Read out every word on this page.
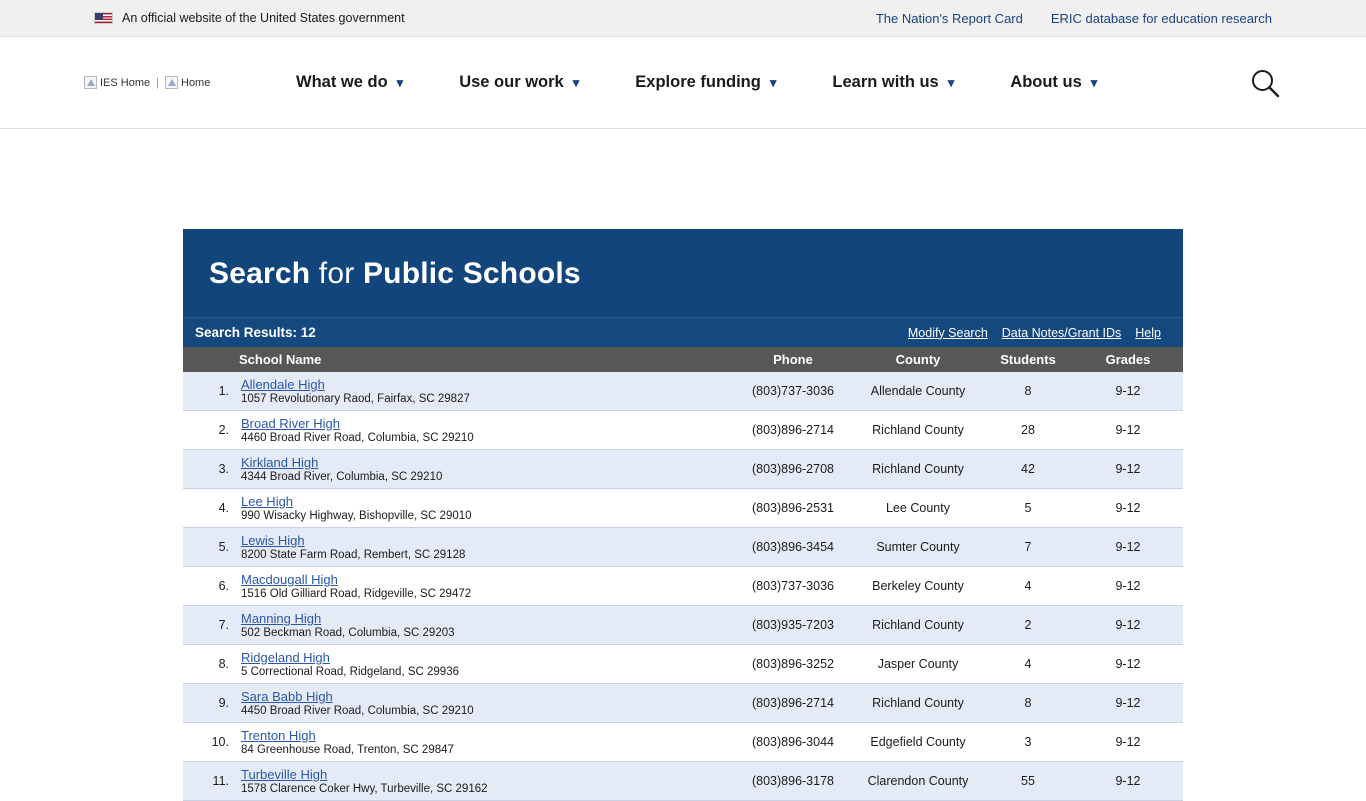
An official website of the United States government	The Nation's Report Card ERIC database for education research
IES Home | Home	What we do ▾	Use our work ▾	Explore funding ▾	Learn with us ▾	About us ▾
Search for Public Schools
Search Results: 12	Modify Search Data Notes/Grant IDs Help
School Name		Phone	County	Students	Grades
1.	Allendale High
1057 Revolutionary Raod, Fairfax, SC 29827	(803)737-3036	Allendale County	8	9-12
2.	Broad River High
4460 Broad River Road, Columbia, SC 29210	(803)896-2714	Richland County	28	9-12
3.	Kirkland High
4344 Broad River, Columbia, SC 29210	(803)896-2708	Richland County	42	9-12
4.	Lee High
990 Wisacky Highway, Bishopville, SC 29010	(803)896-2531	Lee County	5	9-12
5.	Lewis High
8200 State Farm Road, Rembert, SC 29128	(803)896-3454	Sumter County	7	9-12
6.	Macdougall High
1516 Old Gilliard Road, Ridgeville, SC 29472	(803)737-3036	Berkeley County	4	9-12
7.	Manning High
502 Beckman Road, Columbia, SC 29203	(803)935-7203	Richland County	2	9-12
8.	Ridgeland High
5 Correctional Road, Ridgeland, SC 29936	(803)896-3252	Jasper County	4	9-12
9.	Sara Babb High
4450 Broad River Road, Columbia, SC 29210	(803)896-2714	Richland County	8	9-12
10.	Trenton High
84 Greenhouse Road, Trenton, SC 29847	(803)896-3044	Edgefield County	3	9-12
11.	Turbeville High
1578 Clarence Coker Hwy, Turbeville, SC 29162	(803)896-3178	Clarendon County	55	9-12
